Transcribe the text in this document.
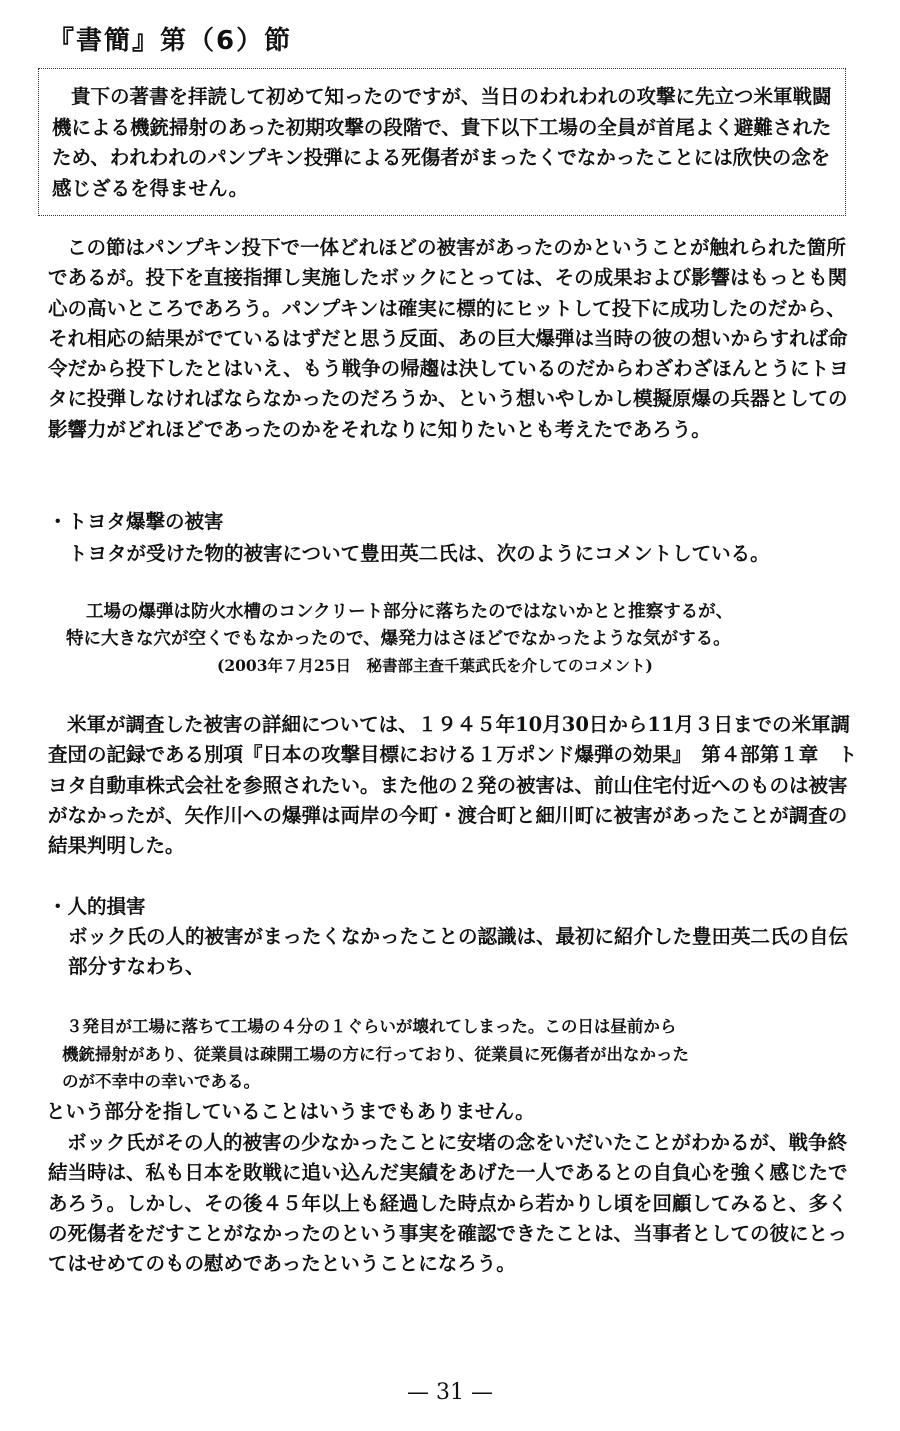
『書簡』第（6）節

貴下の著書を拝読して初めて知ったのですが、当日のわれわれの攻撃に先立つ米軍戦闘機による機銃掃射のあった初期攻撃の段階で、貴下以下工場の全員が首尾よく避難されたため、われわれのパンプキン投弾による死傷者がまったくでなかったことには欣快の念を感じざるを得ません。

この節はパンプキン投下で一体どれほどの被害があったのかということが触れられた箇所であるが。投下を直接指揮し実施したボックにとっては、その成果および影響はもっとも関心の高いところであろう。パンプキンは確実に標的にヒットして投下に成功したのだから、それ相応の結果がでているはずだと思う反面、あの巨大爆弾は当時の彼の想いからすれば命令だから投下したとはいえ、もう戦争の帰趨は決しているのだからわざわざほんとうにトヨタに投弾しなければならなかったのだろうか、という想いやしかし模擬原爆の兵器としての影響力がどれほどであったのかをそれなりに知りたいとも考えたであろう。

・トヨタ爆撃の被害

トヨタが受けた物的被害について豊田英二氏は、次のようにコメントしている。

工場の爆弾は防火水槽のコンクリート部分に落ちたのではないかとと推察するが、

特に大きな穴が空くでもなかったので、爆発力はさほどでなかったような気がする。

(2003年７月25日　秘書部主査千葉武氏を介してのコメント)

米軍が調査した被害の詳細については、１９４５年10月30日から11月３日までの米軍調査団の記録である別項『日本の攻撃目標における１万ポンド爆弾の効果』　第４部第１章　トヨタ自動車株式会社を参照されたい。また他の２発の被害は、前山住宅付近へのものは被害がなかったが、矢作川への爆弾は両岸の今町・渡合町と細川町に被害があったことが調査の結果判明した。

・人的損害

ボック氏の人的被害がまったくなかったことの認識は、最初に紹介した豊田英二氏の自伝部分すなわち、

３発目が工場に落ちて工場の４分の１ぐらいが壊れてしまった。この日は昼前から

機銃掃射があり、従業員は疎開工場の方に行っており、従業員に死傷者が出なかった

のが不幸中の幸いである。

という部分を指していることはいうまでもありません。

ボック氏がその人的被害の少なかったことに安堵の念をいだいたことがわかるが、戦争終結当時は、私も日本を敗戦に追い込んだ実績をあげた一人であるとの自負心を強く感じたであろう。しかし、その後４５年以上も経過した時点から若かりし頃を回顧してみると、多くの死傷者をだすことがなかったのという事実を確認できたことは、当事者としての彼にとってはせめてのもの慰めであったということになろう。

— 31 —
